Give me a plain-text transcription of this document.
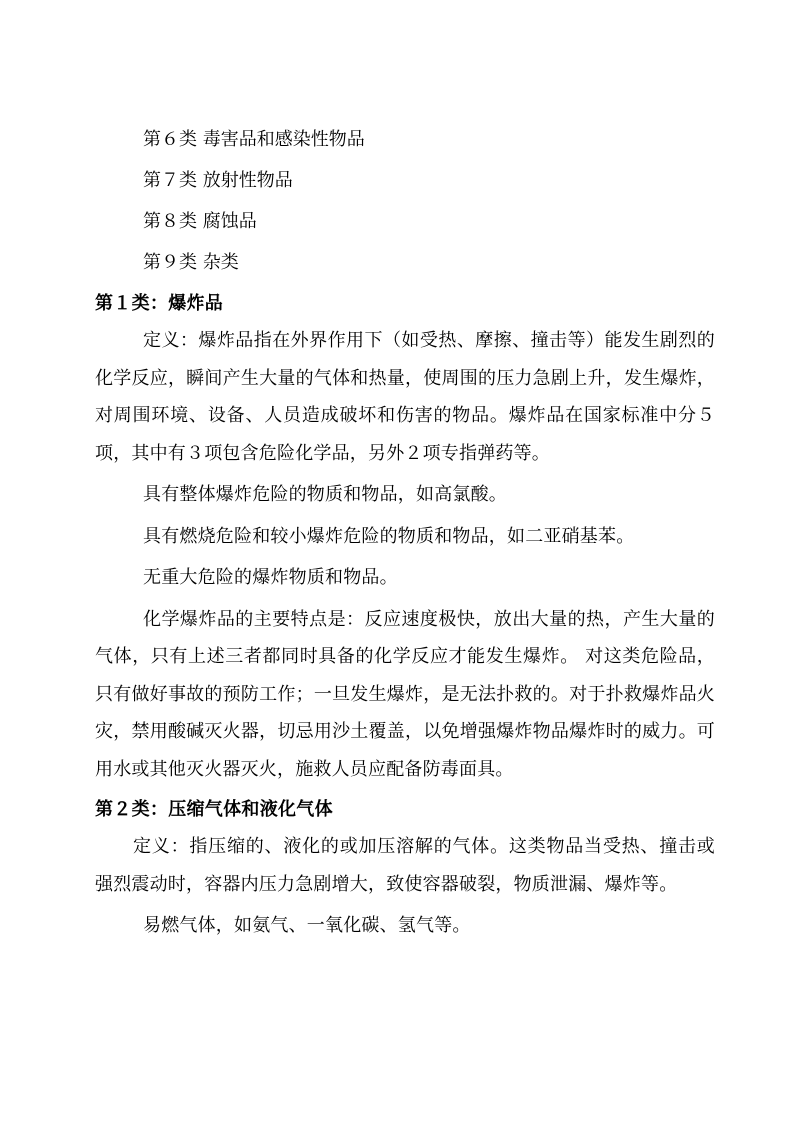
第６类 毒害品和感染性物品

第７类 放射性物品

第８类 腐蚀品

第９类 杂类

第１类：爆炸品

定义：爆炸品指在外界作用下（如受热、摩擦、撞击等）能发生剧烈的化学反应，瞬间产生大量的气体和热量，使周围的压力急剧上升，发生爆炸，对周围环境、设备、人员造成破坏和伤害的物品。爆炸品在国家标准中分５项，其中有３项包含危险化学品，另外２项专指弹药等。

具有整体爆炸危险的物质和物品，如高氯酸。

具有燃烧危险和较小爆炸危险的物质和物品，如二亚硝基苯。

无重大危险的爆炸物质和物品。

化学爆炸品的主要特点是：反应速度极快，放出大量的热，产生大量的气体，只有上述三者都同时具备的化学反应才能发生爆炸。 对这类危险品，只有做好事故的预防工作；一旦发生爆炸，是无法扑救的。对于扑救爆炸品火灾，禁用酸碱灭火器，切忌用沙土覆盖，以免增强爆炸物品爆炸时的威力。可用水或其他灭火器灭火，施救人员应配备防毒面具。

第２类：压缩气体和液化气体

定义：指压缩的、液化的或加压溶解的气体。这类物品当受热、撞击或强烈震动时，容器内压力急剧增大，致使容器破裂，物质泄漏、爆炸等。

易燃气体，如氨气、一氧化碳、氢气等。
